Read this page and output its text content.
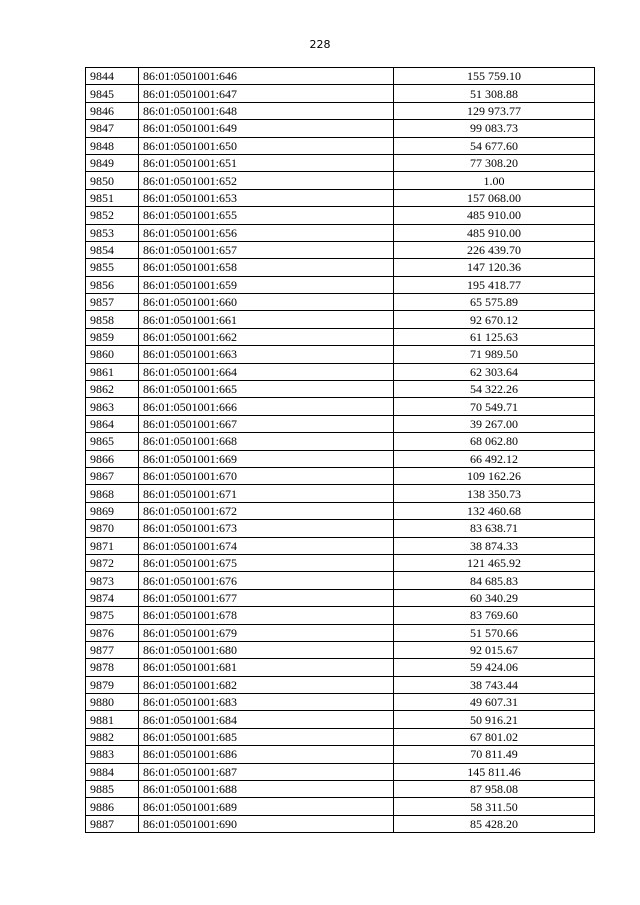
228
9844	86:01:0501001:646	155 759.10
9845	86:01:0501001:647	51 308.88
9846	86:01:0501001:648	129 973.77
9847	86:01:0501001:649	99 083.73
9848	86:01:0501001:650	54 677.60
9849	86:01:0501001:651	77 308.20
9850	86:01:0501001:652	1.00
9851	86:01:0501001:653	157 068.00
9852	86:01:0501001:655	485 910.00
9853	86:01:0501001:656	485 910.00
9854	86:01:0501001:657	226 439.70
9855	86:01:0501001:658	147 120.36
9856	86:01:0501001:659	195 418.77
9857	86:01:0501001:660	65 575.89
9858	86:01:0501001:661	92 670.12
9859	86:01:0501001:662	61 125.63
9860	86:01:0501001:663	71 989.50
9861	86:01:0501001:664	62 303.64
9862	86:01:0501001:665	54 322.26
9863	86:01:0501001:666	70 549.71
9864	86:01:0501001:667	39 267.00
9865	86:01:0501001:668	68 062.80
9866	86:01:0501001:669	66 492.12
9867	86:01:0501001:670	109 162.26
9868	86:01:0501001:671	138 350.73
9869	86:01:0501001:672	132 460.68
9870	86:01:0501001:673	83 638.71
9871	86:01:0501001:674	38 874.33
9872	86:01:0501001:675	121 465.92
9873	86:01:0501001:676	84 685.83
9874	86:01:0501001:677	60 340.29
9875	86:01:0501001:678	83 769.60
9876	86:01:0501001:679	51 570.66
9877	86:01:0501001:680	92 015.67
9878	86:01:0501001:681	59 424.06
9879	86:01:0501001:682	38 743.44
9880	86:01:0501001:683	49 607.31
9881	86:01:0501001:684	50 916.21
9882	86:01:0501001:685	67 801.02
9883	86:01:0501001:686	70 811.49
9884	86:01:0501001:687	145 811.46
9885	86:01:0501001:688	87 958.08
9886	86:01:0501001:689	58 311.50
9887	86:01:0501001:690	85 428.20
